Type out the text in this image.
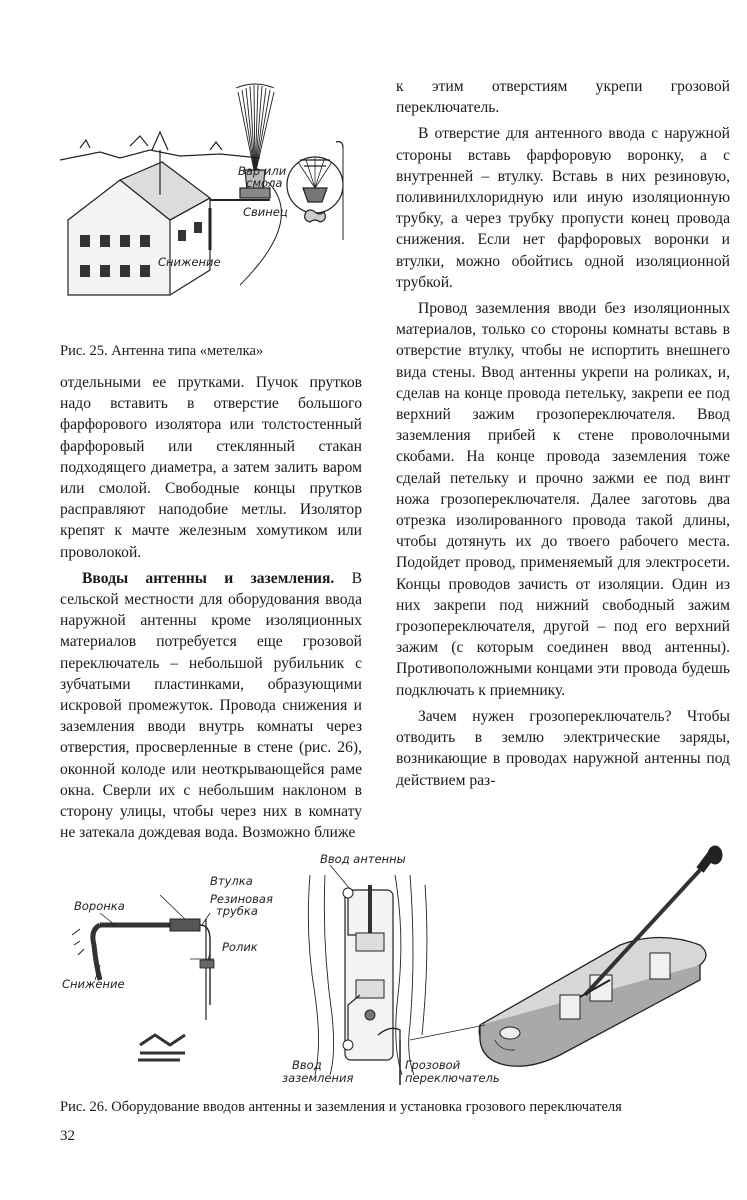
Вар или
смола
Свинец
Снижение
Рис. 25. Антенна типа «метелка»

отдельными ее прутками. Пучок прутков надо вставить в отверстие большого фарфорового изолятора или толстостенный фарфоровый или стеклянный стакан подходящего диаметра, а затем залить варом или смолой. Свободные концы прутков расправляют наподобие метлы. Изолятор крепят к мачте железным хомутиком или проволокой.

Вводы антенны и заземления. В сельской местности для оборудования ввода наружной антенны кроме изоляционных материалов потребуется еще грозовой переключатель – небольшой рубильник с зубчатыми пластинками, образующими искровой промежуток. Провода снижения и заземления вводи внутрь комнаты через отверстия, просверленные в стене (рис. 26), оконной колоде или неоткрывающейся раме окна. Сверли их с небольшим наклоном в сторону улицы, чтобы через них в комнату не затекала дождевая вода. Возможно ближе

к этим отверстиям укрепи грозовой переключатель.

В отверстие для антенного ввода с наружной стороны вставь фарфоровую воронку, а с внутренней – втулку. Вставь в них резиновую, поливинилхлоридную или иную изоляционную трубку, а через трубку пропусти конец провода снижения. Если нет фарфоровых воронки и втулки, можно обойтись одной изоляционной трубкой.

Провод заземления вводи без изоляционных материалов, только со стороны комнаты вставь в отверстие втулку, чтобы не испортить внешнего вида стены. Ввод антенны укрепи на роликах, и, сделав на конце провода петельку, закрепи ее под верхний зажим грозопереключателя. Ввод заземления прибей к стене проволочными скобами. На конце провода заземления тоже сделай петельку и прочно зажми ее под винт ножа грозопереключателя. Далее заготовь два отрезка изолированного провода такой длины, чтобы дотянуть их до твоего рабочего места. Подойдет провод, применяемый для электросети. Концы проводов зачисть от изоляции. Один из них закрепи под нижний свободный зажим грозопереключателя, другой – под его верхний зажим (с которым соединен ввод антенны). Противоположными концами эти провода будешь подключать к приемнику.

Зачем нужен грозопереключатель? Чтобы отводить в землю электрические заряды, возникающие в проводах наружной антенны под действием раз-

Втулка
Воронка	Резиновая
трубка
Ролик
Снижение
Ввод антенны
Ввод
заземления
Грозовой
переключатель
Рис. 26. Оборудование вводов антенны и заземления и установка грозового переключателя
32
